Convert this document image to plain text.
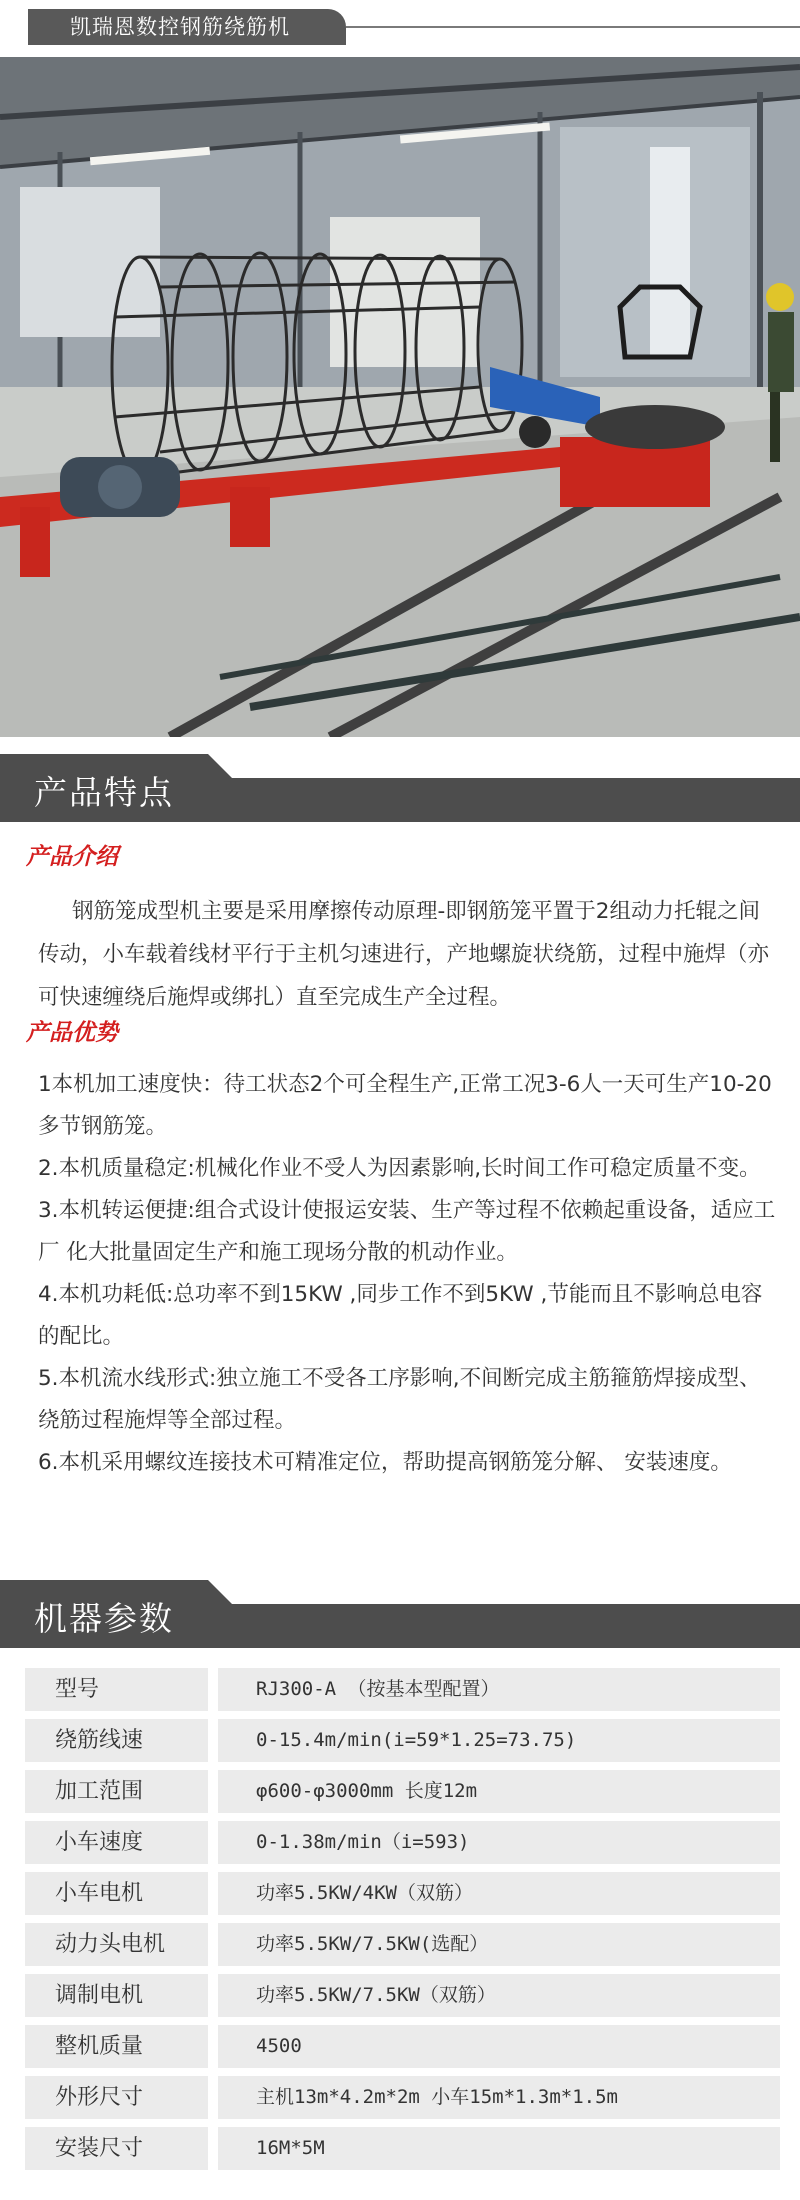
凯瑞恩数控钢筋绕筋机
产品特点
产品介绍

钢筋笼成型机主要是采用摩擦传动原理-即钢筋笼平置于2组动力托辊之间传动，小车载着线材平行于主机匀速进行，产地螺旋状绕筋，过程中施焊（亦可快速缠绕后施焊或绑扎）直至完成生产全过程。

产品优势
1本机加工速度快：待工状态2个可全程生产,正常工况3-6人一天可生产10-20多节钢筋笼。
2.本机质量稳定:机械化作业不受人为因素影响,长时间工作可稳定质量不变。
3.本机转运便捷:组合式设计使报运安装、生产等过程不依赖起重设备，适应工厂 化大批量固定生产和施工现场分散的机动作业。
4.本机功耗低:总功率不到15KW ,同步工作不到5KW ,节能而且不影响总电容的配比。
5.本机流水线形式:独立施工不受各工序影响,不间断完成主筋箍筋焊接成型、绕筋过程施焊等全部过程。
6.本机采用螺纹连接技术可精准定位，帮助提高钢筋笼分解、 安装速度。
机器参数
型号	RJ300-A （按基本型配置）
绕筋线速	0-15.4m/min(i=59*1.25=73.75)
加工范围	φ600-φ3000mm 长度12m
小车速度	0-1.38m/min（i=593)
小车电机	功率5.5KW/4KW（双筋）
动力头电机	功率5.5KW/7.5KW(选配）
调制电机	功率5.5KW/7.5KW（双筋）
整机质量	4500
外形尺寸	主机13m*4.2m*2m 小车15m*1.3m*1.5m
安装尺寸	16M*5M
